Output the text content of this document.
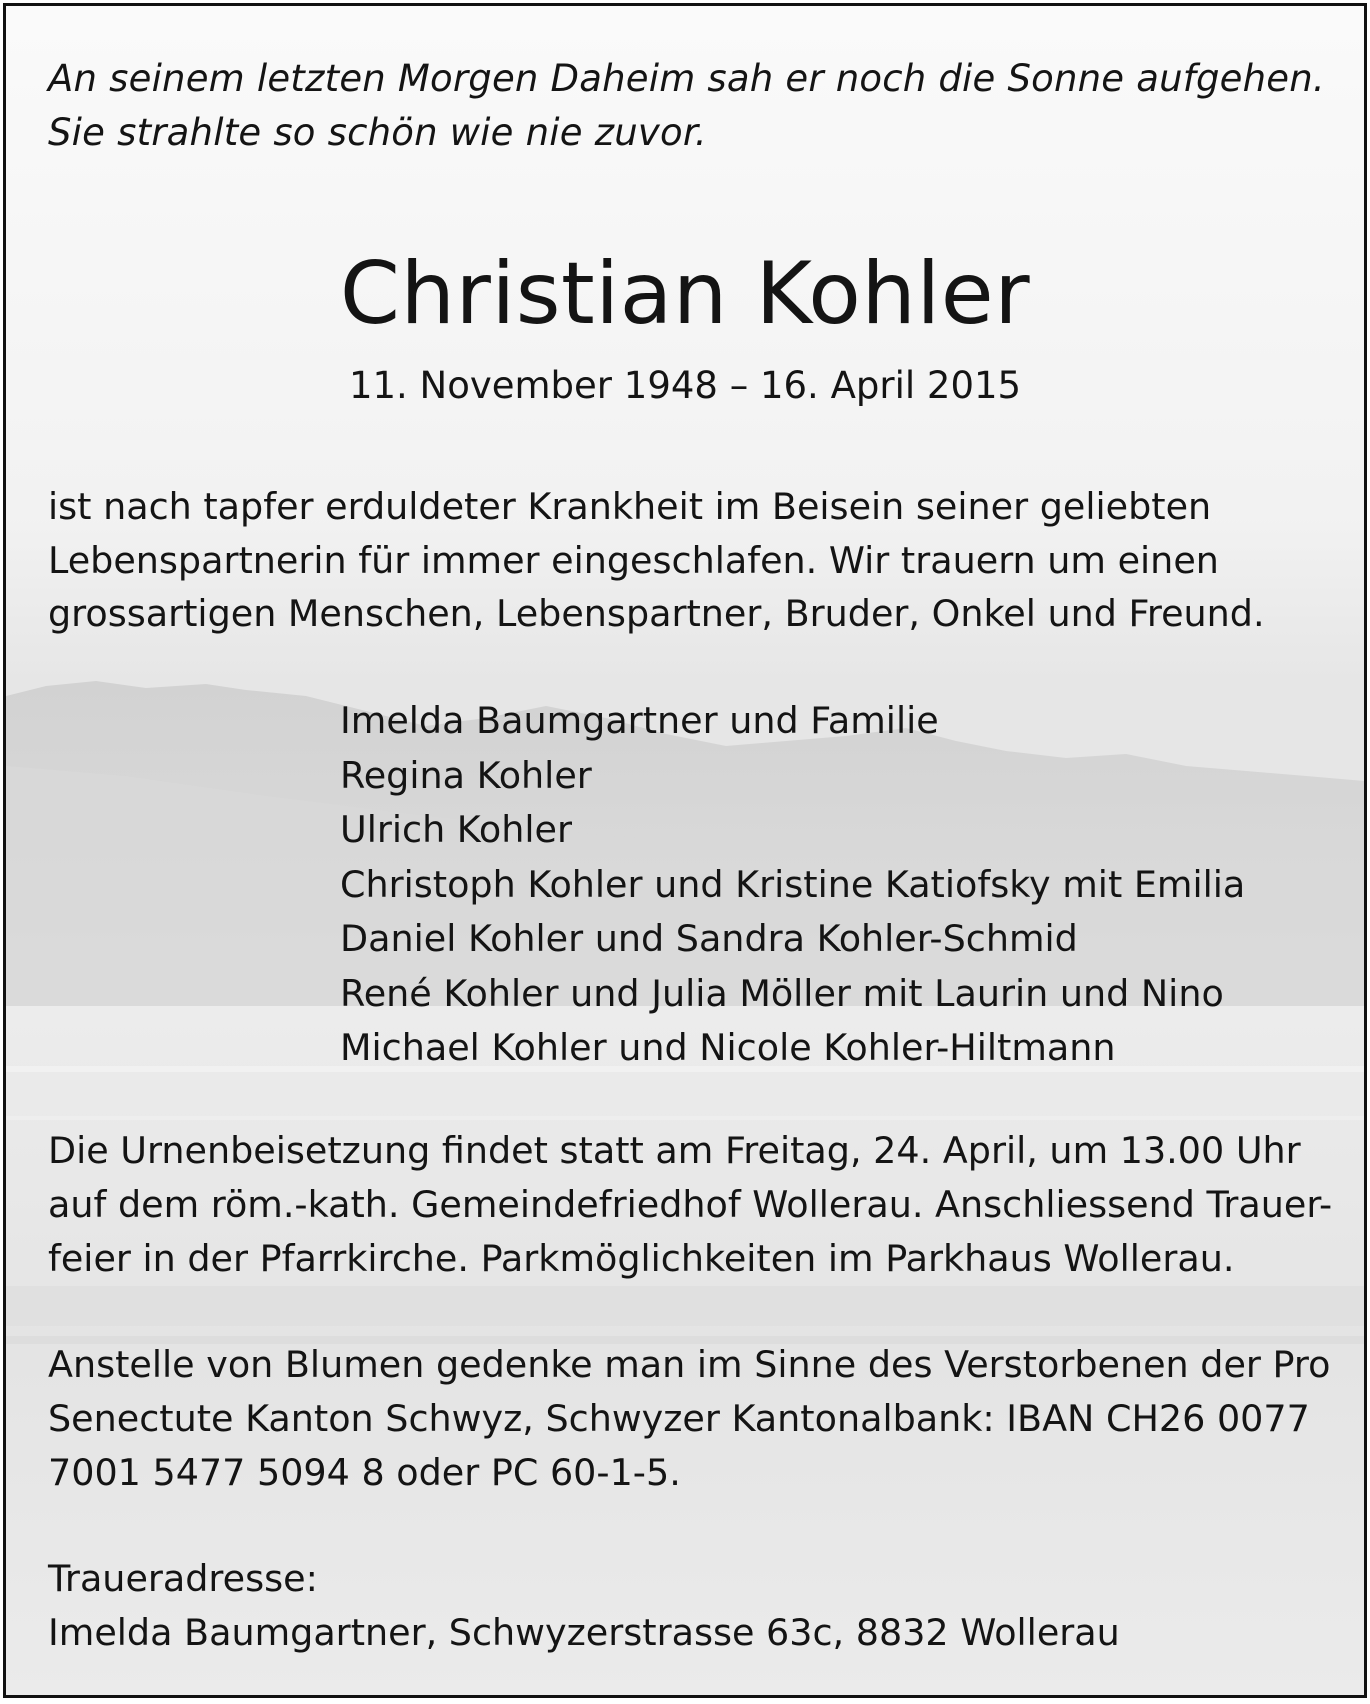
An seinem letzten Morgen Daheim sah er noch die Sonne aufgehen.
Sie strahlte so schön wie nie zuvor.
Christian Kohler
11. November 1948 – 16. April 2015
ist nach tapfer erduldeter Krankheit im Beisein seiner geliebten
Lebenspartnerin für immer eingeschlafen. Wir trauern um einen
grossartigen Menschen, Lebenspartner, Bruder, Onkel und Freund.
Imelda Baumgartner und Familie
Regina Kohler
Ulrich Kohler
Christoph Kohler und Kristine Katiofsky mit Emilia
Daniel Kohler und Sandra Kohler-Schmid
René Kohler und Julia Möller mit Laurin und Nino
Michael Kohler und Nicole Kohler-Hiltmann
Die Urnenbeisetzung findet statt am Freitag, 24. April, um 13.00 Uhr
auf dem röm.-kath. Gemeindefriedhof Wollerau. Anschliessend Trauer-
feier in der Pfarrkirche. Parkmöglichkeiten im Parkhaus Wollerau.
Anstelle von Blumen gedenke man im Sinne des Verstorbenen der Pro
Senectute Kanton Schwyz, Schwyzer Kantonalbank: IBAN CH26 0077
7001 5477 5094 8 oder PC 60-1-5.
Traueradresse:
Imelda Baumgartner, Schwyzerstrasse 63c, 8832 Wollerau
